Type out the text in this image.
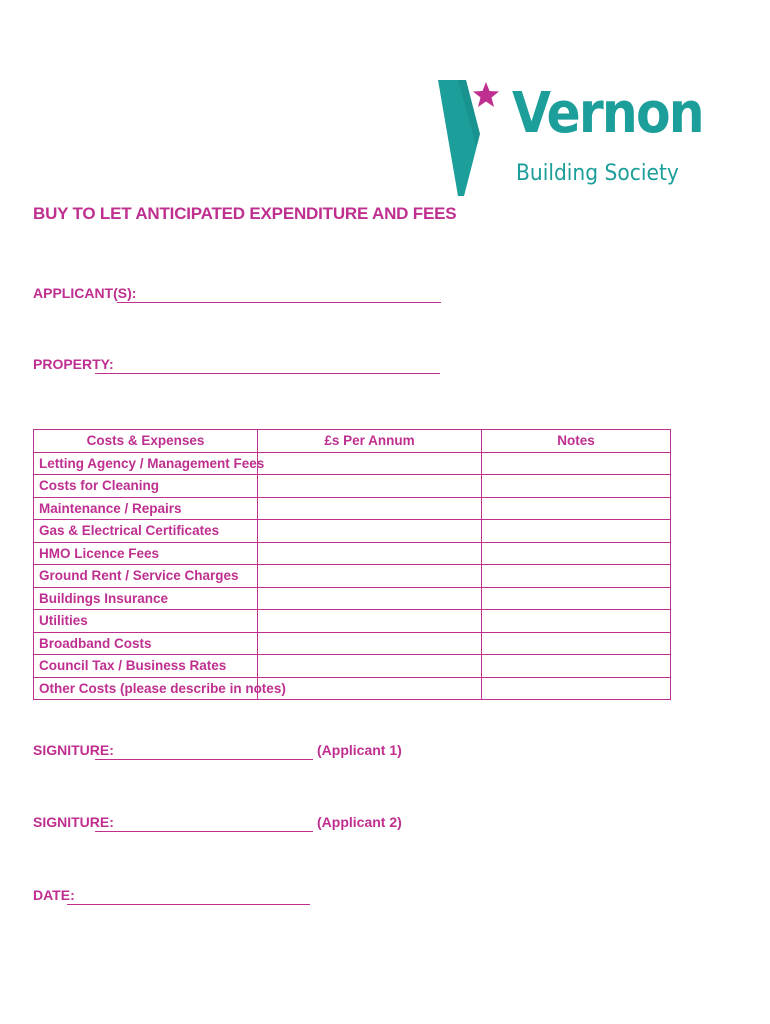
Vernon
Building Society
BUY TO LET ANTICIPATED EXPENDITURE AND FEES
APPLICANT(S):
PROPERTY:
Costs & Expenses	£s Per Annum	Notes
Letting Agency / Management Fees		
Costs for Cleaning		
Maintenance / Repairs		
Gas & Electrical Certificates		
HMO Licence Fees		
Ground Rent / Service Charges		
Buildings Insurance		
Utilities		
Broadband Costs		
Council Tax / Business Rates		
Other Costs (please describe in notes)		
SIGNITURE:	(Applicant 1)
SIGNITURE:	(Applicant 2)
DATE:
